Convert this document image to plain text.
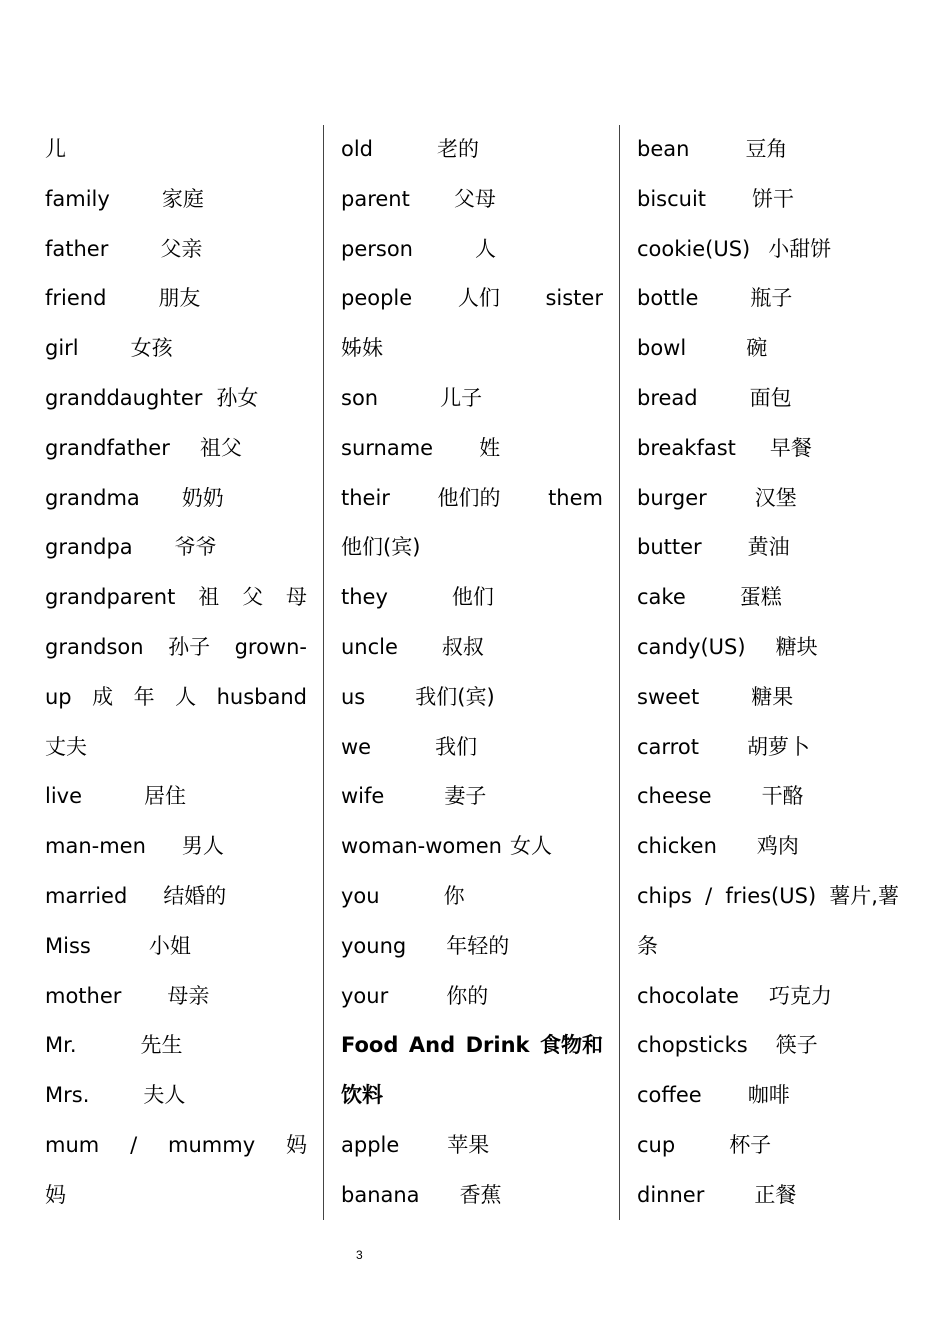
儿
family 家庭
father 父亲
friend 朋友
girl 女孩
granddaughter 孙女
grandfather 祖父
grandma 奶奶
grandpa 爷爷
grandparent 祖 父 母
grandson 孙子 grown-
up 成 年 人 husband
丈夫
live	居住
man-men 男人
married 结婚的
Miss	小姐
mother 母亲
Mr.	先生
Mrs.	夫人
mum / mummy 妈
妈
old	老的
parent 父母
person	人
people 人们 sister
姊妹
son	儿子
surname 姓
their 他们的 them
他们(宾)
they	他们
uncle 叔叔
us 我们(宾)
we	我们
wife	妻子
woman-women 女人
you	你
young 年轻的
your	你的
Food And Drink 食物和
饮料
apple 苹果
banana 香蕉
bean	豆角
biscuit 饼干
cookie(US) 小甜饼
bottle 瓶子
bowl	碗
bread 面包
breakfast 早餐
burger 汉堡
butter 黄油
cake	蛋糕
candy(US) 糖块
sweet 糖果
carrot 胡萝卜
cheese 干酪
chicken 鸡肉
chips / fries(US) 薯片,薯
条
chocolate 巧克力
chopsticks 筷子
coffee 咖啡
cup	杯子
dinner 正餐
3
